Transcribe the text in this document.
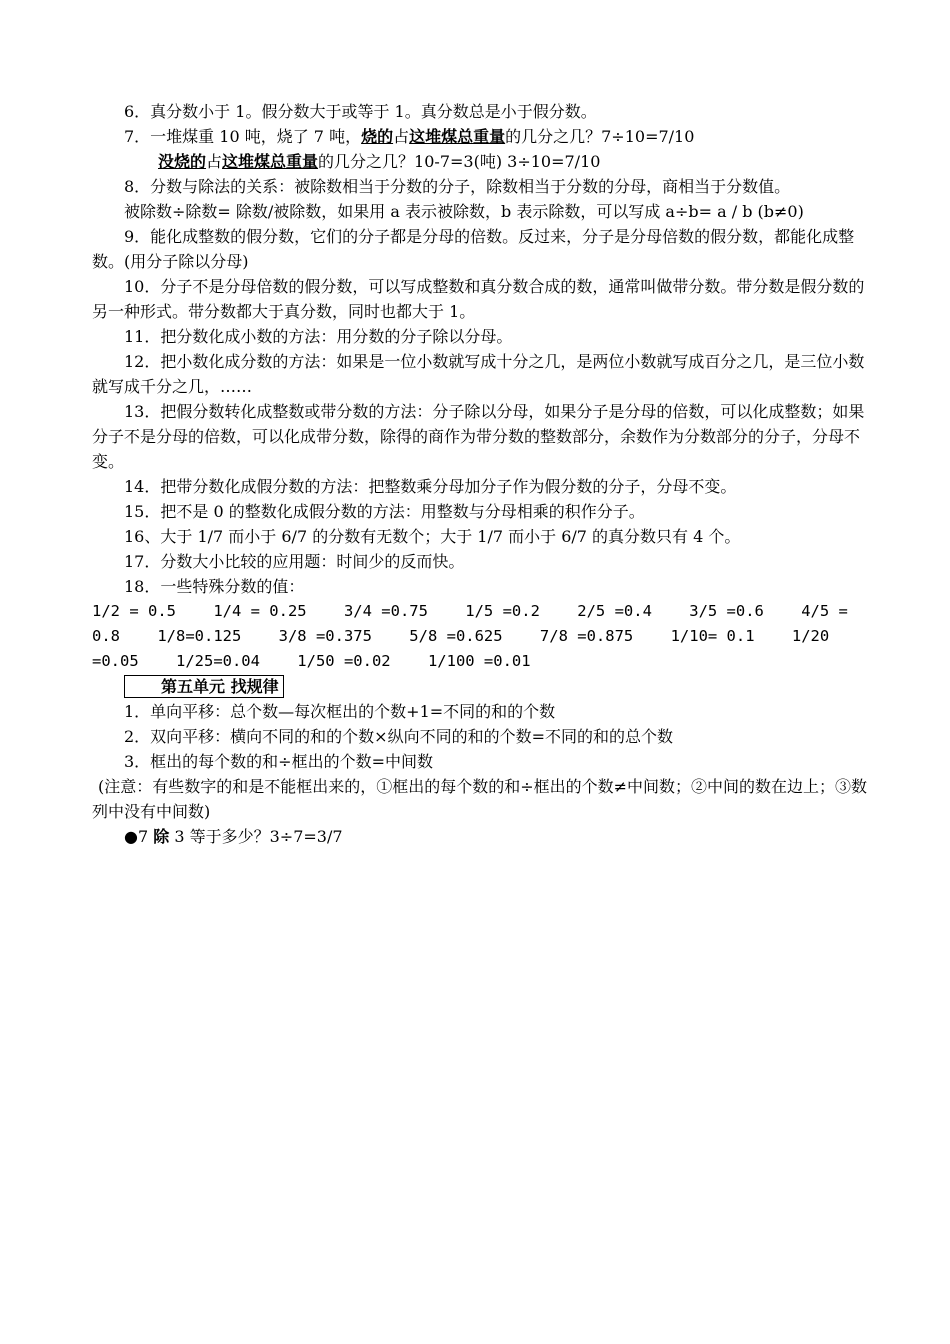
6．真分数小于 1。假分数大于或等于 1。真分数总是小于假分数。

7．一堆煤重 10 吨，烧了 7 吨，烧的占这堆煤总重量的几分之几？7÷10=7/10

没烧的占这堆煤总重量的几分之几？10-7=3(吨) 3÷10=7/10

8．分数与除法的关系：被除数相当于分数的分子，除数相当于分数的分母，商相当于分数值。

被除数÷除数= 除数/被除数，如果用 a 表示被除数，b 表示除数，可以写成 a÷b= a / b (b≠0)

9．能化成整数的假分数，它们的分子都是分母的倍数。反过来，分子是分母倍数的假分数，都能化成整数。(用分子除以分母)

10．分子不是分母倍数的假分数，可以写成整数和真分数合成的数，通常叫做带分数。带分数是假分数的另一种形式。带分数都大于真分数，同时也都大于 1。

11．把分数化成小数的方法：用分数的分子除以分母。

12．把小数化成分数的方法：如果是一位小数就写成十分之几，是两位小数就写成百分之几，是三位小数就写成千分之几，……

13．把假分数转化成整数或带分数的方法：分子除以分母，如果分子是分母的倍数，可以化成整数；如果分子不是分母的倍数，可以化成带分数，除得的商作为带分数的整数部分，余数作为分数部分的分子，分母不变。

14．把带分数化成假分数的方法：把整数乘分母加分子作为假分数的分子，分母不变。

15．把不是 0 的整数化成假分数的方法：用整数与分母相乘的积作分子。

16、大于 1/7 而小于 6/7 的分数有无数个；大于 1/7 而小于 6/7 的真分数只有 4 个。

17．分数大小比较的应用题：时间少的反而快。

18．一些特殊分数的值：

1/2 = 0.5    1/4 = 0.25    3/4 =0.75    1/5 =0.2    2/5 =0.4    3/5 =0.6    4/5 =
0.8    1/8=0.125    3/8 =0.375    5/8 =0.625    7/8 =0.875    1/10= 0.1    1/20
=0.05    1/25=0.04    1/50 =0.02    1/100 =0.01

第五单元 找规律

1．单向平移：总个数—每次框出的个数+1=不同的和的个数

2．双向平移：横向不同的和的个数×纵向不同的和的个数=不同的和的总个数

3．框出的每个数的和÷框出的个数=中间数

(注意：有些数字的和是不能框出来的，①框出的每个数的和÷框出的个数≠中间数；②中间的数在边上；③数列中没有中间数)

●7 除 3 等于多少？3÷7=3/7
